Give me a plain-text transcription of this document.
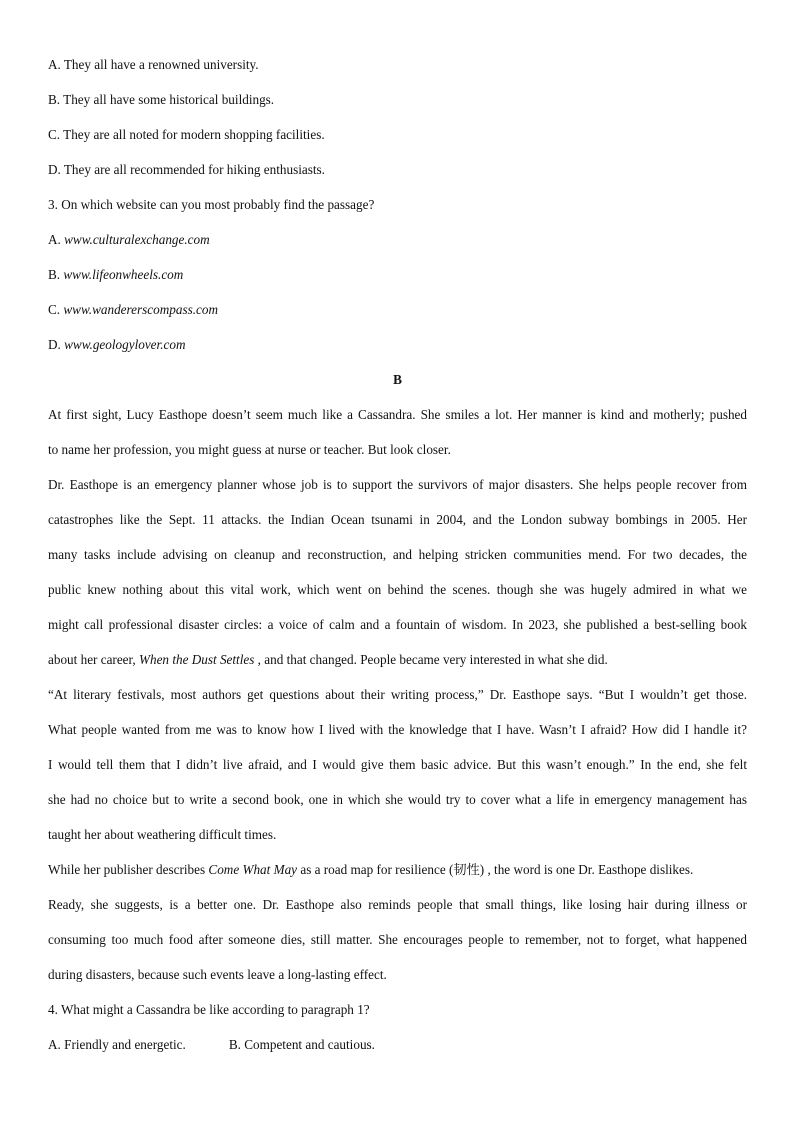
A. They all have a renowned university.
B. They all have some historical buildings.
C. They are all noted for modern shopping facilities.
D. They are all recommended for hiking enthusiasts.
3. On which website can you most probably find the passage?
A. www.culturalexchange.com
B. www.lifeonwheels.com
C. www.wandererscompass.com
D. www.geologylover.com
B
At first sight, Lucy Easthope doesn’t seem much like a Cassandra. She smiles a lot. Her manner is kind and motherly; pushed
to name her profession, you might guess at nurse or teacher. But look closer.
Dr. Easthope is an emergency planner whose job is to support the survivors of major disasters. She helps people recover from
catastrophes like the Sept. 11 attacks. the Indian Ocean tsunami in 2004, and the London subway bombings in 2005. Her
many tasks include advising on cleanup and reconstruction, and helping stricken communities mend. For two decades, the
public knew nothing about this vital work, which went on behind the scenes. though she was hugely admired in what we
might call professional disaster circles: a voice of calm and a fountain of wisdom. In 2023, she published a best-selling book
about her career, When the Dust Settles , and that changed. People became very interested in what she did.
“At literary festivals, most authors get questions about their writing process,” Dr. Easthope says. “But I wouldn’t get those.
What people wanted from me was to know how I lived with the knowledge that I have. Wasn’t I afraid? How did I handle it?
I would tell them that I didn’t live afraid, and I would give them basic advice. But this wasn’t enough.” In the end, she felt
she had no choice but to write a second book, one in which she would try to cover what a life in emergency management has
taught her about weathering difficult times.
While her publisher describes Come What May as a road map for resilience (韧性) , the word is one Dr. Easthope dislikes.
Ready, she suggests, is a better one. Dr. Easthope also reminds people that small things, like losing hair during illness or
consuming too much food after someone dies, still matter. She encourages people to remember, not to forget, what happened
during disasters, because such events leave a long-lasting effect.
4. What might a Cassandra be like according to paragraph 1?
A. Friendly and energetic.	B. Competent and cautious.
